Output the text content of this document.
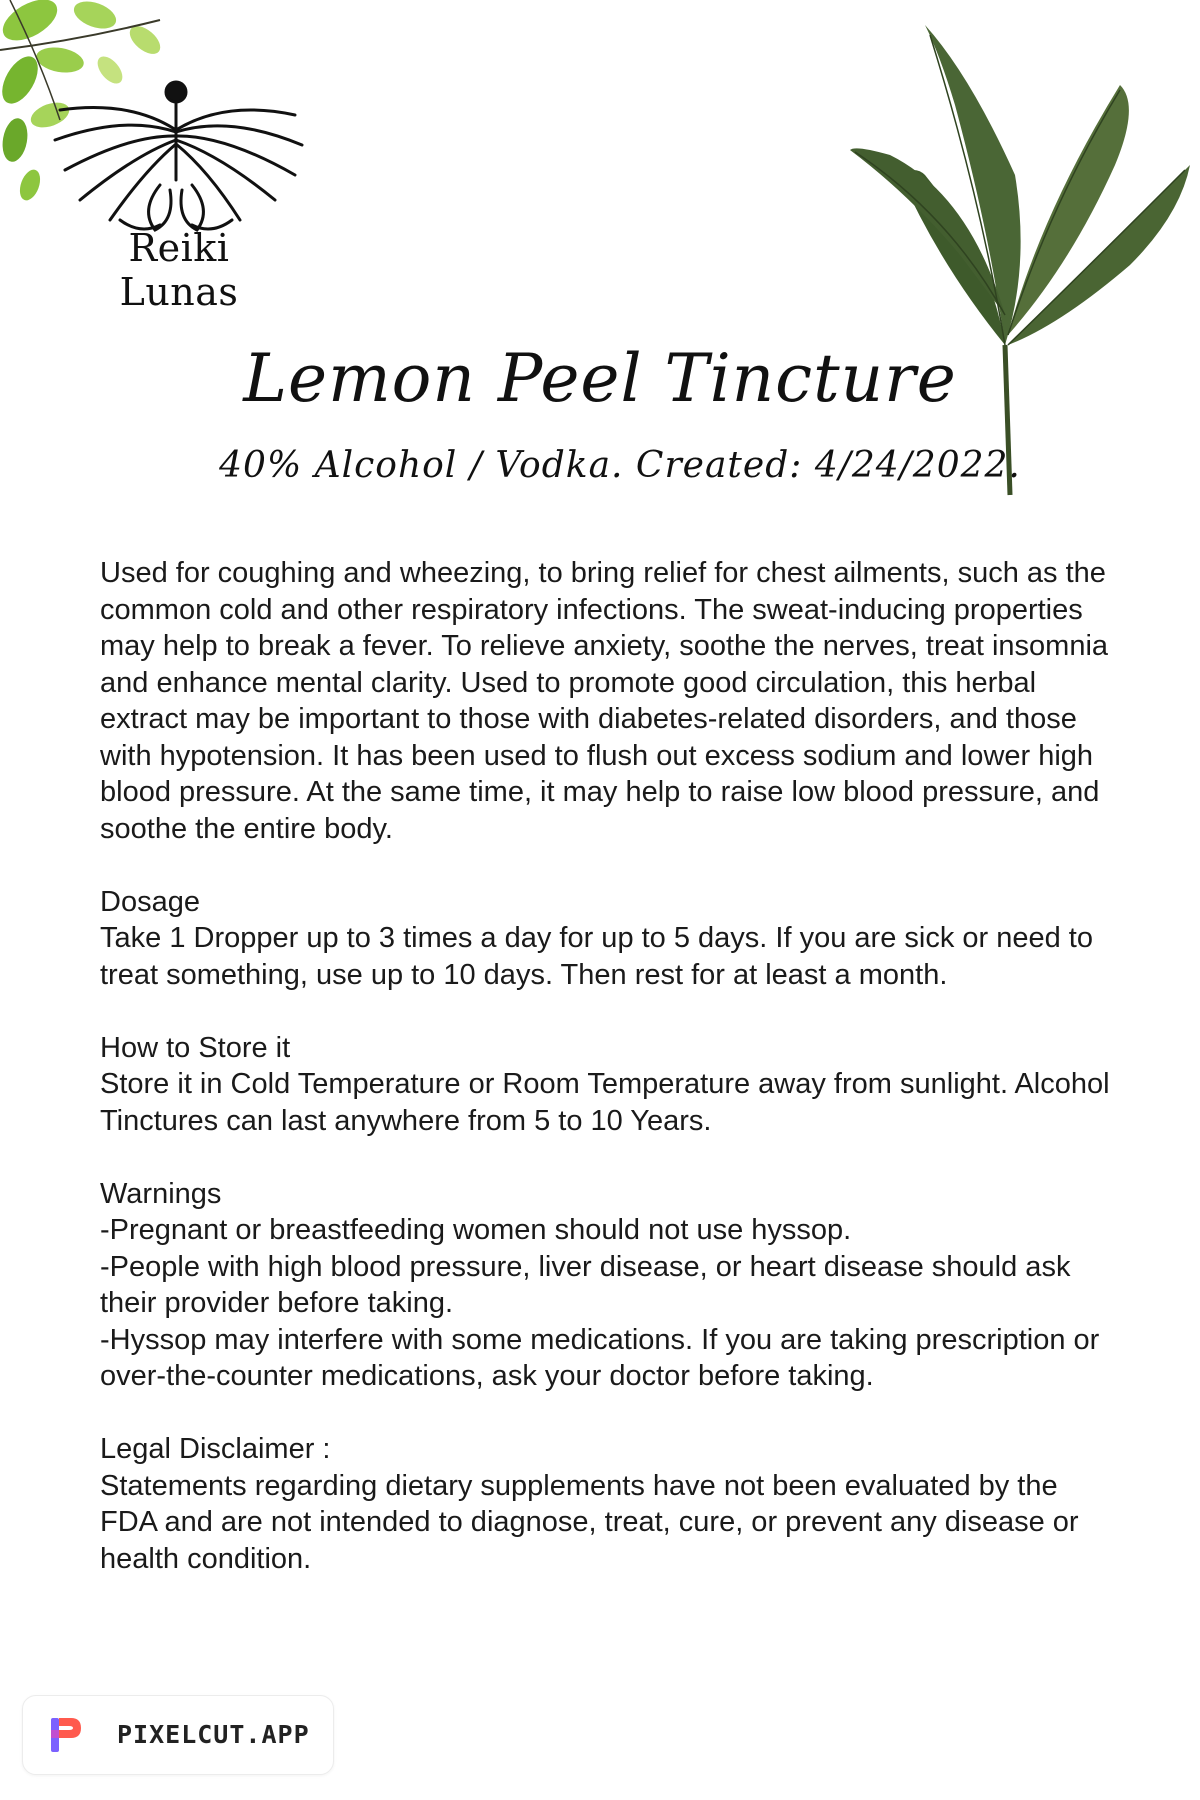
Reiki Lunas
Lemon Peel Tincture
40% Alcohol / Vodka. Created: 4/24/2022.

Used for coughing and wheezing, to bring relief for chest ailments, such as the common cold and other respiratory infections. The sweat-inducing properties may help to break a fever. To relieve anxiety, soothe the nerves, treat insomnia and enhance mental clarity. Used to promote good circulation, this herbal extract may be important to those with diabetes-related disorders, and those with hypotension. It has been used to flush out excess sodium and lower high blood pressure. At the same time, it may help to raise low blood pressure, and soothe the entire body.

Dosage
Take 1 Dropper up to 3 times a day for up to 5 days. If you are sick or need to treat something, use up to 10 days. Then rest for at least a month.

How to Store it
Store it in Cold Temperature or Room Temperature away from sunlight. Alcohol Tinctures can last anywhere from 5 to 10 Years.

Warnings
-Pregnant or breastfeeding women should not use hyssop.
-People with high blood pressure, liver disease, or heart disease should ask their provider before taking.
-Hyssop may interfere with some medications. If you are taking prescription or over-the-counter medications, ask your doctor before taking.

Legal Disclaimer :
Statements regarding dietary supplements have not been evaluated by the FDA and are not intended to diagnose, treat, cure, or prevent any disease or health condition.

PIXELCUT.APP
